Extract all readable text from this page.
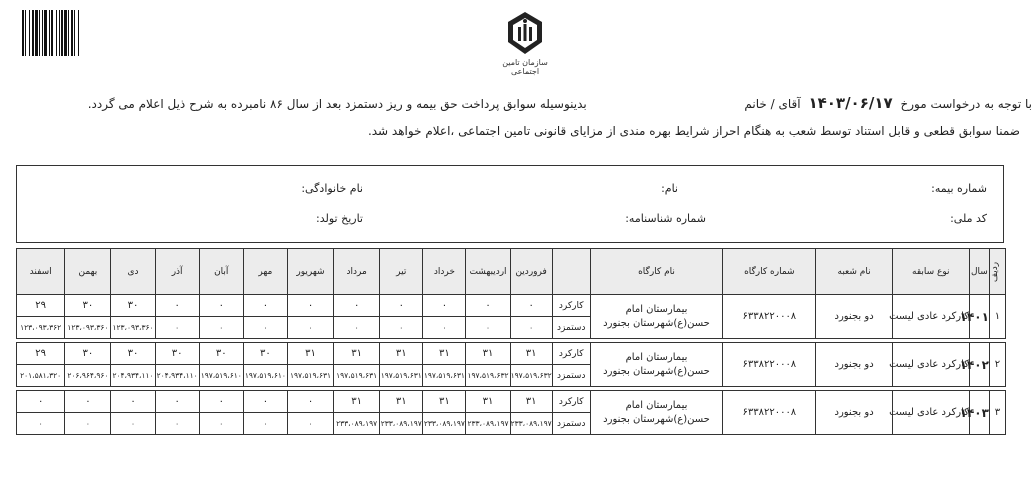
سازمان تامین اجتماعی
با توجه به درخواست مورخ ۱۴۰۳/۰۶/۱۷ آقای / خانم  بدینوسیله سوابق پرداخت حق بیمه و ریز دستمزد بعد از سال ۸۶ نامبرده به شرح ذیل اعلام می گردد.
ضمنا سوابق قطعی و قابل استناد توسط شعب به هنگام احراز شرایط بهره مندی از مزایای قانونی تامین اجتماعی ،اعلام خواهد شد.
شماره بیمه:
نام:
نام خانوادگی:
کد ملی:
شماره شناسنامه:
تاریخ تولد:
ردیف	سال	نوع سابقه	نام شعبه	شماره کارگاه	نام کارگاه		فروردین	اردیبهشت	خرداد	تیر	مرداد	شهریور	مهر	آبان	آذر	دی	بهمن	اسفند
۱	۱۴۰۱	کارکرد عادی لیست	دو بجنورد	۶۳۳۸۲۲۰۰۰۸	بیمارستان امام حسن(ع)شهرستان بجنورد	کارکرد	۰	۰	۰	۰	۰	۰	۰	۰	۰	۳۰	۳۰	۲۹
						دستمزد	۰	۰	۰	۰	۰	۰	۰	۰	۰	۱۲۳،۰۹۳،۳۶۰	۱۲۳،۰۹۳،۳۶۰	۱۲۳،۰۹۳،۳۶۲

۲	۱۴۰۲	کارکرد عادی لیست	دو بجنورد	۶۳۳۸۲۲۰۰۰۸	بیمارستان امام حسن(ع)شهرستان بجنورد	کارکرد	۳۱	۳۱	۳۱	۳۱	۳۱	۳۱	۳۰	۳۰	۳۰	۳۰	۳۰	۲۹
						دستمزد	۱۹۷،۵۱۹،۶۳۲	۱۹۷،۵۱۹،۶۳۲	۱۹۷،۵۱۹،۶۳۱	۱۹۷،۵۱۹،۶۳۱	۱۹۷،۵۱۹،۶۳۱	۱۹۷،۵۱۹،۶۳۱	۱۹۷،۵۱۹،۶۱۰	۱۹۷،۵۱۹،۶۱۰	۲۰۴،۹۳۴،۱۱۰	۲۰۴،۹۳۴،۱۱۰	۲۰۶،۹۶۴،۹۶۰	۲۰۱،۵۸۱،۳۲۰

۳	۱۴۰۳	کارکرد عادی لیست	دو بجنورد	۶۳۳۸۲۲۰۰۰۸	بیمارستان امام حسن(ع)شهرستان بجنورد	کارکرد	۳۱	۳۱	۳۱	۳۱	۳۱	۰	۰	۰	۰	۰	۰	۰
						دستمزد	۲۳۳،۰۸۹،۱۹۷	۲۳۳،۰۸۹،۱۹۷	۲۳۳،۰۸۹،۱۹۷	۲۳۳،۰۸۹،۱۹۷	۲۳۳،۰۸۹،۱۹۷	۰	۰	۰	۰	۰	۰	۰
